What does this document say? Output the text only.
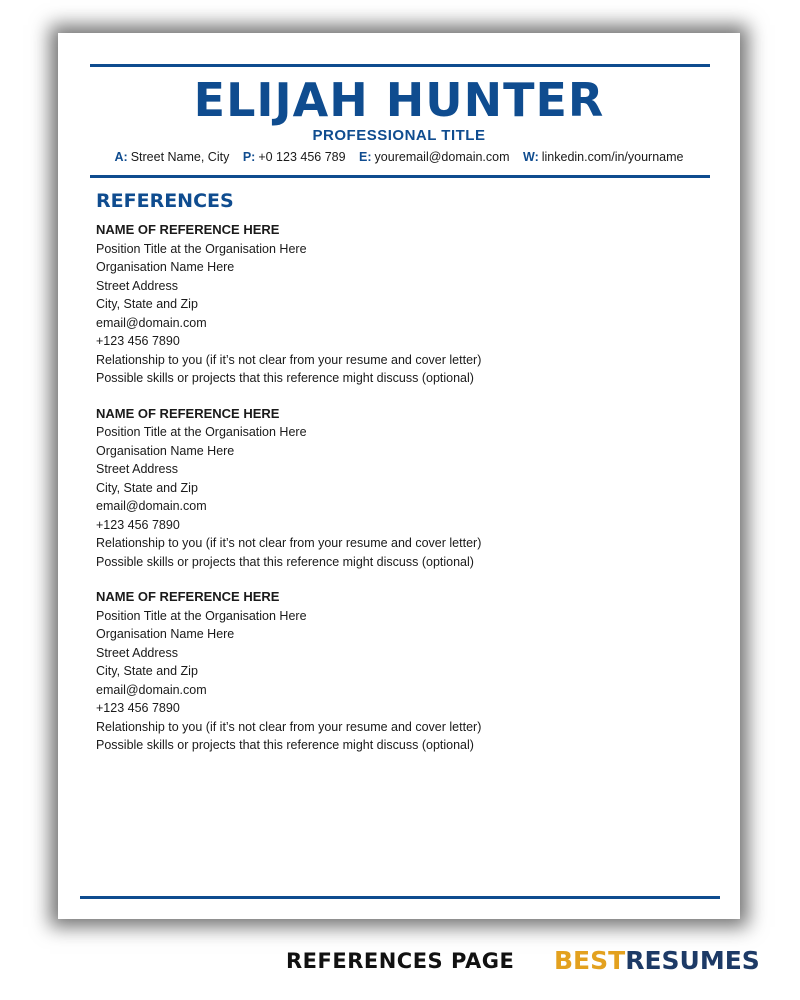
ELIJAH HUNTER
PROFESSIONAL TITLE
A: Street Name, City P: +0 123 456 789 E: youremail@domain.com W: linkedin.com/in/yourname
REFERENCES
NAME OF REFERENCE HERE
Position Title at the Organisation Here
Organisation Name Here
Street Address
City, State and Zip
email@domain.com
+123 456 7890
Relationship to you (if it’s not clear from your resume and cover letter)
Possible skills or projects that this reference might discuss (optional)
NAME OF REFERENCE HERE
Position Title at the Organisation Here
Organisation Name Here
Street Address
City, State and Zip
email@domain.com
+123 456 7890
Relationship to you (if it’s not clear from your resume and cover letter)
Possible skills or projects that this reference might discuss (optional)
NAME OF REFERENCE HERE
Position Title at the Organisation Here
Organisation Name Here
Street Address
City, State and Zip
email@domain.com
+123 456 7890
Relationship to you (if it’s not clear from your resume and cover letter)
Possible skills or projects that this reference might discuss (optional)
REFERENCES PAGE BESTRESUMES
